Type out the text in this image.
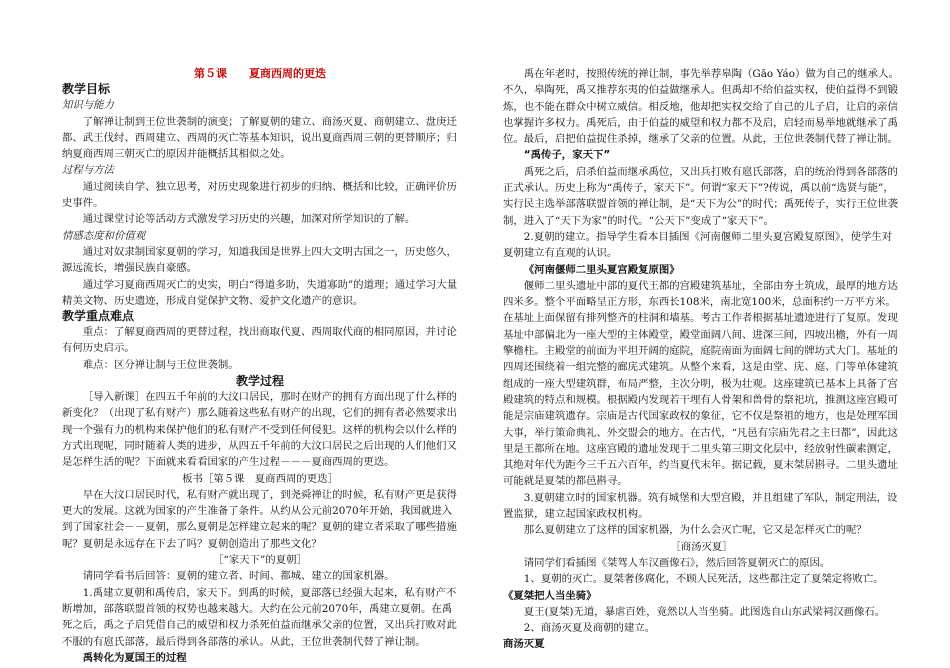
第５课　　夏商西周的更迭

教学目标

知识与能力

了解禅让制到王位世袭制的演变；了解夏朝的建立、商汤灭夏、商朝建立、盘庚迁都、武王伐纣、西周建立、西周的灭亡等基本知识，说出夏商西周三朝的更替顺序；归纳夏商西周三朝灭亡的原因并能概括其相似之处。

过程与方法

通过阅读自学、独立思考，对历史现象进行初步的归纳、概括和比较，正确评价历史事件。

通过课堂讨论等活动方式激发学习历史的兴趣，加深对所学知识的了解。

情感态度和价值观

通过对奴隶制国家夏朝的学习，知道我国是世界上四大文明古国之一，历史悠久，源远流长，增强民族自豪感。

通过学习夏商西周灭亡的史实，明白“得道多助，失道寡助”的道理；通过学习大量精美文物、历史遗迹，形成自觉保护文物、爱护文化遗产的意识。

教学重点难点

重点：了解夏商西周的更替过程，找出商取代夏、西周取代商的相同原因，并讨论有何历史启示。

难点：区分禅让制与王位世袭制。

教学过程

［导入新课］在四五千年前的大汶口居民，那时在财产的拥有方面出现了什么样的新变化？（出现了私有财产）那么随着这些私有财产的出现，它们的拥有者必然要求出现一个强有力的机构来保护他们的私有财产不受到任何侵犯。这样的机构会以什么样的方式出现呢，同时随着人类的进步，从四五千年前的大汶口居民之后出现的人们他们又是怎样生活的呢？下面就来看看国家的产生过程－－－夏商西周的更迭。

板书［第５课　夏商西周的更迭］

早在大汶口居民时代，私有财产就出现了，到尧舜禅让的时候，私有财产更是获得更大的发展。这就为国家的产生准备了条件。从约从公元前2070年开始，我国就进入到了国家社会－－夏朝，那么夏朝是怎样建立起来的呢？夏朝的建立者采取了哪些措施呢？夏朝是永远存在下去了吗？夏朝创造出了那些文化？

［“家天下”的夏朝］

请同学看书后回答：夏朝的建立者、时间、都城、建立的国家机器。

1.禹建立夏朝和禹传启，家天下。到禹的时候，夏部落已经强大起来，私有财产不断增加，部落联盟首领的权势也越来越大。大约在公元前2070年，禹建立夏朝。在禹死之后，禹之子启凭借自己的威望和权力杀死伯益而继承父亲的位置，又出兵打败对此不服的有扈氏部落，最后得到各部落的承认。从此，王位世袭制代替了禅让制。

禹转化为夏国王的过程

禹在年老时，按照传统的禅让制，事先举荐皋陶（Gāo Yáo）做为自己的继承人。不久，皋陶死，禹又推荐东夷的伯益做继承人。但禹却不给伯益实权，使伯益得不到锻炼，也不能在群众中树立威信。相反地，他却把实权交给了自己的儿子启，让启的亲信也掌握许多权力。禹死后，由于伯益的威望和权力都不及启，启轻而易举地就继承了禹位。最后，启把伯益捉住杀掉，继承了父亲的位置。从此，王位世袭制代替了禅让制。

“禹传子，家天下”

禹死之后，启杀伯益而继承禹位，又出兵打败有扈氏部落，启的统治得到各部落的正式承认。历史上称为“禹传子，家天下”。何谓“家天下”?传说，禹以前“选贤与能”，实行民主选举部落联盟首领的禅让制，是“天下为公”的时代；禹死传子，实行王位世袭制，进入了“天下为家”的时代。“公天下”变成了“家天下”。

2.夏朝的建立。指导学生看本目插图《河南偃师二里头夏宫殿复原图》，使学生对夏朝建立有直观的认识。

《河南偃师二里头夏宫殿复原图》

偃师二里头遗址中部的夏代王都的宫殿建筑基址，全部由夯土筑成，最厚的地方达四米多。整个平面略呈正方形，东西长108米，南北宽100米，总面积约一万平方米。在基址上面保留有排列整齐的柱洞和墙基。考古工作者根据基址遗迹进行了复原。发现基址中部偏北为一座大型的主体殿堂，殿堂面阔八间、进深三间，四坡出檐，外有一周擎檐柱。主殿堂的前面为平坦开阔的庭院，庭院南面为面阔七间的牌坊式大门。基址的四周还围绕着一组完整的廊庑式建筑。从整个来看，这是由堂、庑、庭、门等单体建筑组成的一座大型建筑群，布局严整，主次分明，极为壮观。这座建筑已基本上具备了宫殿建筑的特点和规模。根据殿内发现若干埋有人骨架和兽骨的祭祀坑，推测这座宫殿可能是宗庙建筑遗存。宗庙是古代国家政权的象征，它不仅是祭祖的地方，也是处理军国大事，举行策命典礼、外交盟会的地方。在古代，“凡邑有宗庙先君之主曰都”，因此这里是王都所在地。这座宫殿的遗址发现于二里头第三期文化层中，经放射性碳素测定，其绝对年代为距今三千五六百年，约当夏代末年。据记载，夏末桀居斟寻。二里头遗址可能就是夏桀的都邑斟寻。

3.夏朝建立时的国家机器。筑有城堡和大型宫殿，并且组建了军队，制定刑法，设置监狱，建立起国家政权机构。

那么夏朝建立了这样的国家机器，为什么会灭亡呢，它又是怎样灭亡的呢？

［商汤灭夏］

请同学们看插图《桀驾人车汉画像石》，然后回答夏朝灭亡的原因。

1、夏朝的灭亡。夏桀奢侈腐化，不顾人民死活，这些都注定了夏桀定将败亡。

《夏桀把人当坐骑》

夏王(夏桀)无道，暴虐百姓，竟然以人当坐骑。此图选自山东武梁祠汉画像石。

2、商汤灭夏及商朝的建立。

商汤灭夏
